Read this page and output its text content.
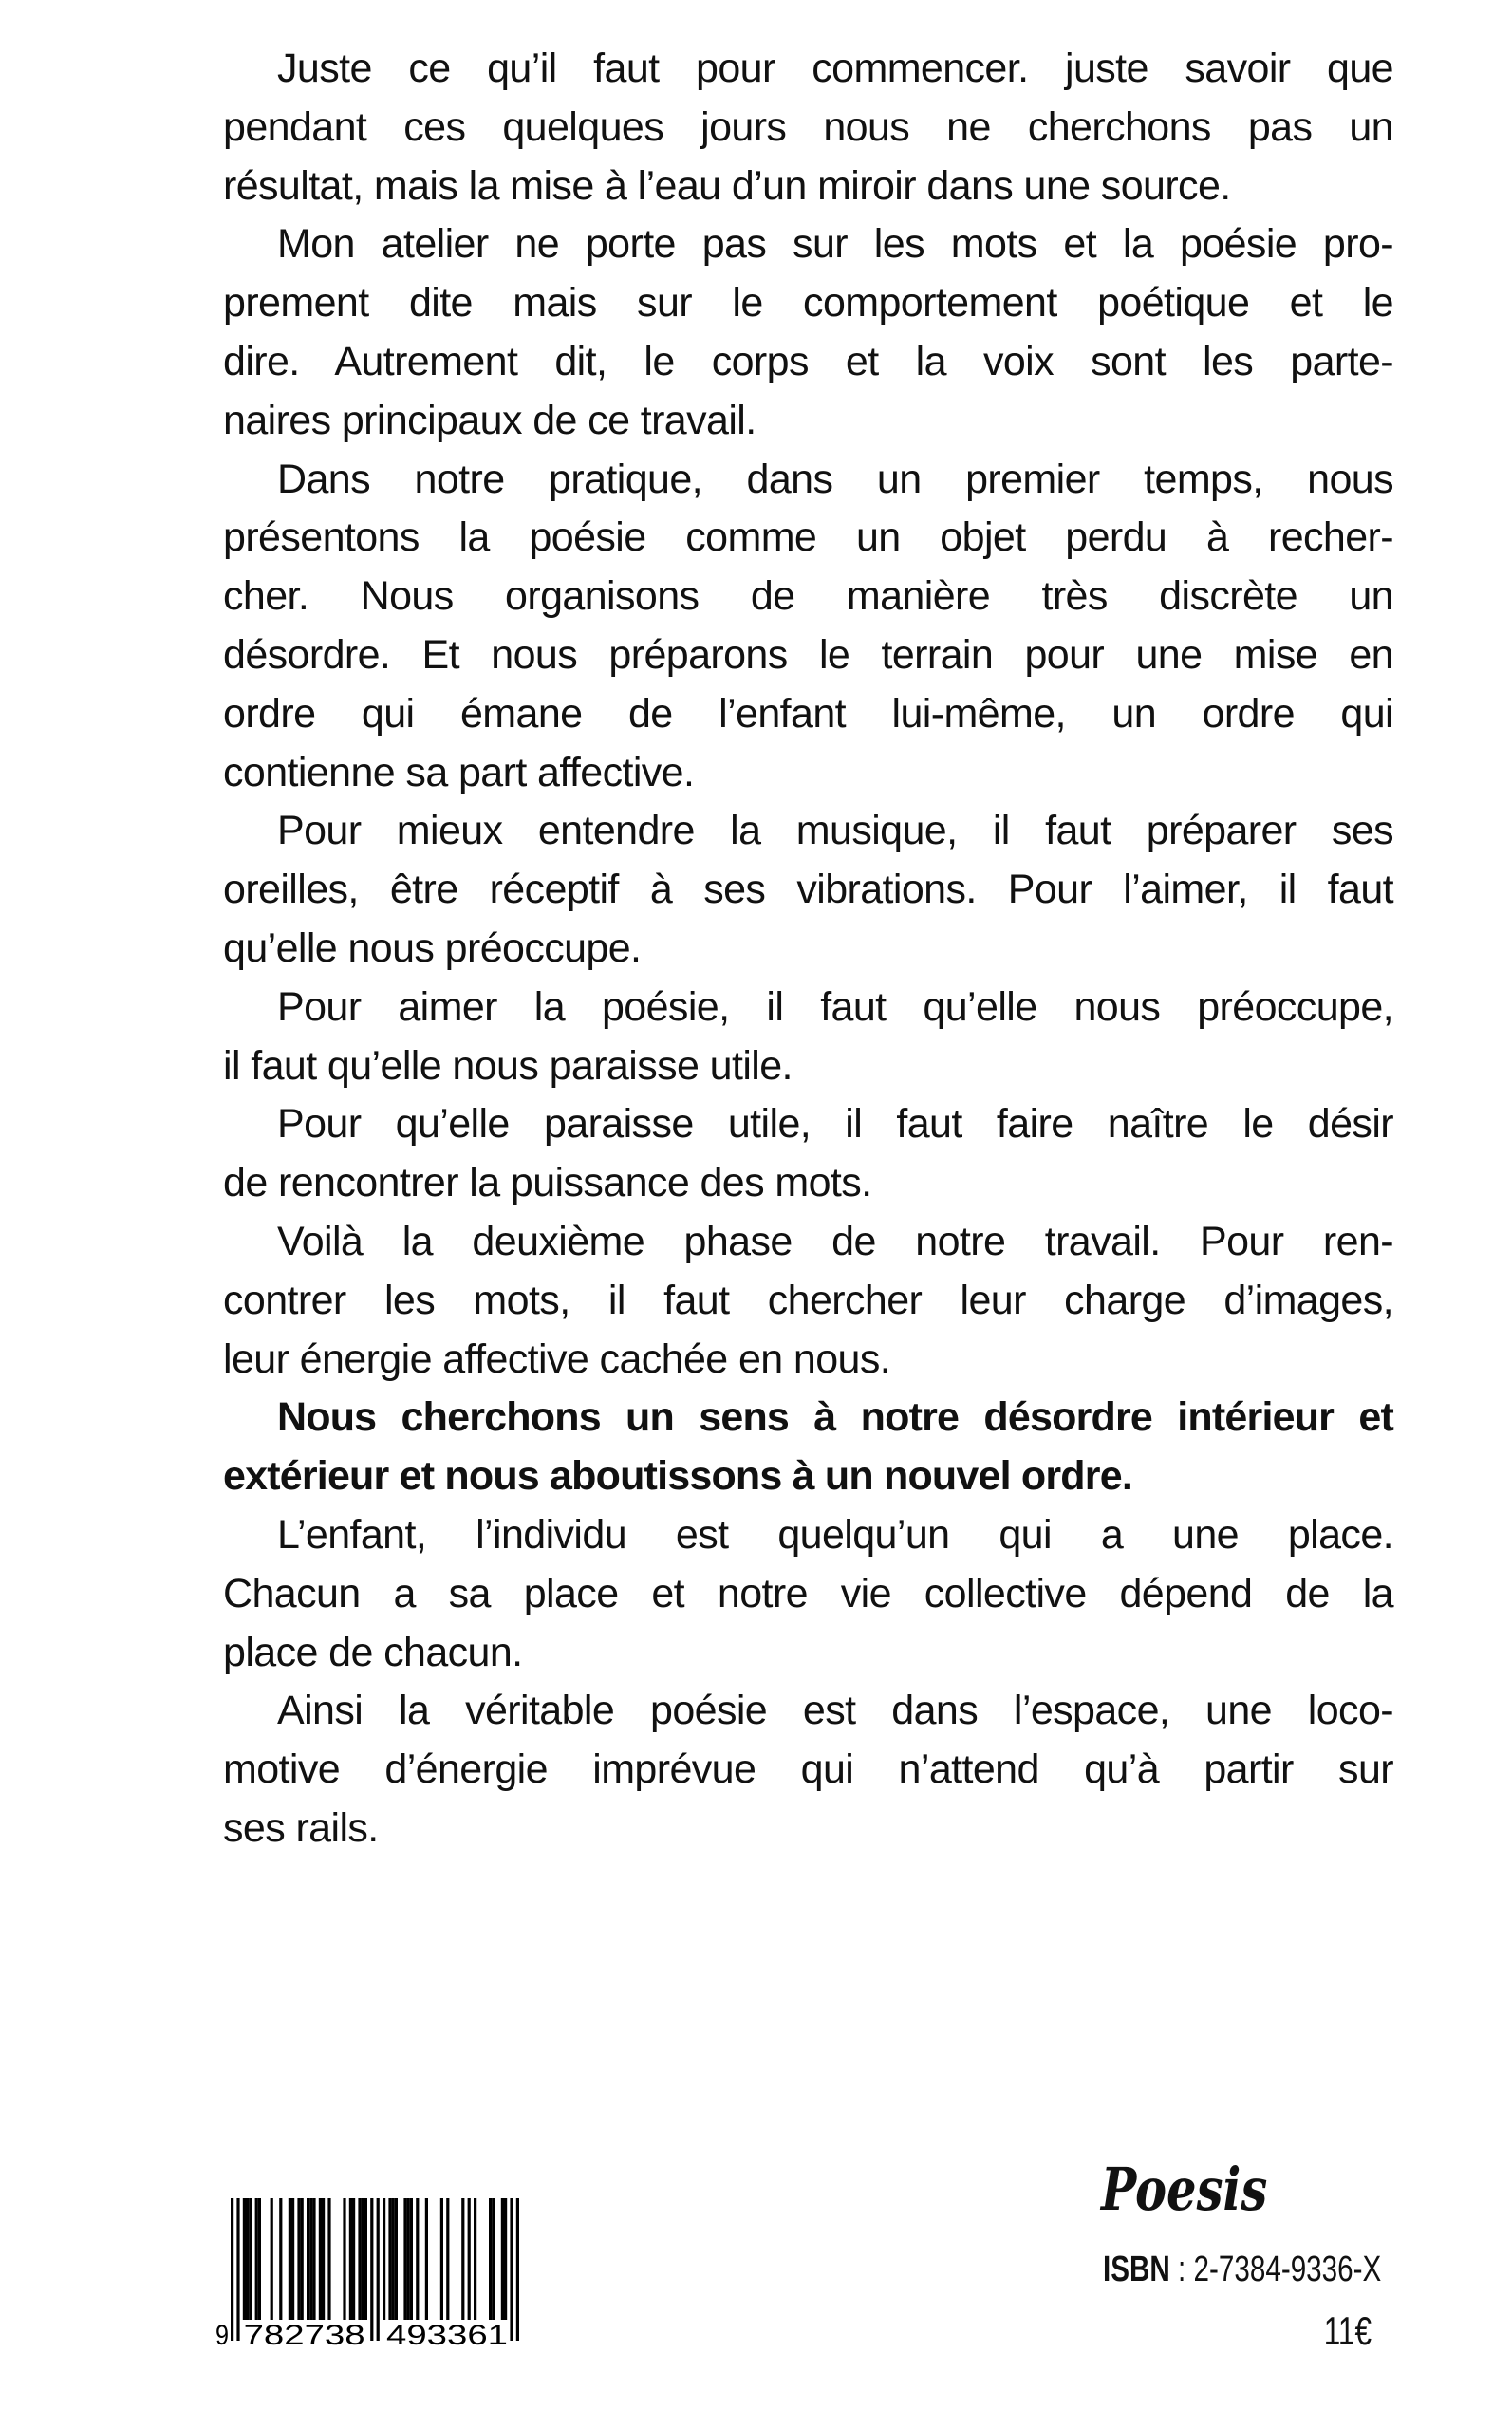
Juste ce qu’il faut pour commencer. juste savoir que
pendant ces quelques jours nous ne cherchons pas un
résultat, mais la mise à l’eau d’un miroir dans une source.
Mon atelier ne porte pas sur les mots et la poésie pro-
prement dite mais sur le comportement poétique et le
dire. Autrement dit, le corps et la voix sont les parte-
naires principaux de ce travail.
Dans notre pratique, dans un premier temps, nous
présentons la poésie comme un objet perdu à recher-
cher. Nous organisons de manière très discrète un
désordre. Et nous préparons le terrain pour une mise en
ordre qui émane de l’enfant lui-même, un ordre qui
contienne sa part affective.
Pour mieux entendre la musique, il faut préparer ses
oreilles, être réceptif à ses vibrations. Pour l’aimer, il faut
qu’elle nous préoccupe.
Pour aimer la poésie, il faut qu’elle nous préoccupe,
il faut qu’elle nous paraisse utile.
Pour qu’elle paraisse utile, il faut faire naître le désir
de rencontrer la puissance des mots.
Voilà la deuxième phase de notre travail. Pour ren-
contrer les mots, il faut chercher leur charge d’images,
leur énergie affective cachée en nous.
Nous cherchons un sens à notre désordre intérieur et
extérieur et nous aboutissons à un nouvel ordre.
L’enfant, l’individu est quelqu’un qui a une place.
Chacun a sa place et notre vie collective dépend de la
place de chacun.
Ainsi la véritable poésie est dans l’espace, une loco-
motive d’énergie imprévue qui n’attend qu’à partir sur
ses rails.
9 782738 493361
Poesis
ISBN : 2-7384-9336-X
11€
